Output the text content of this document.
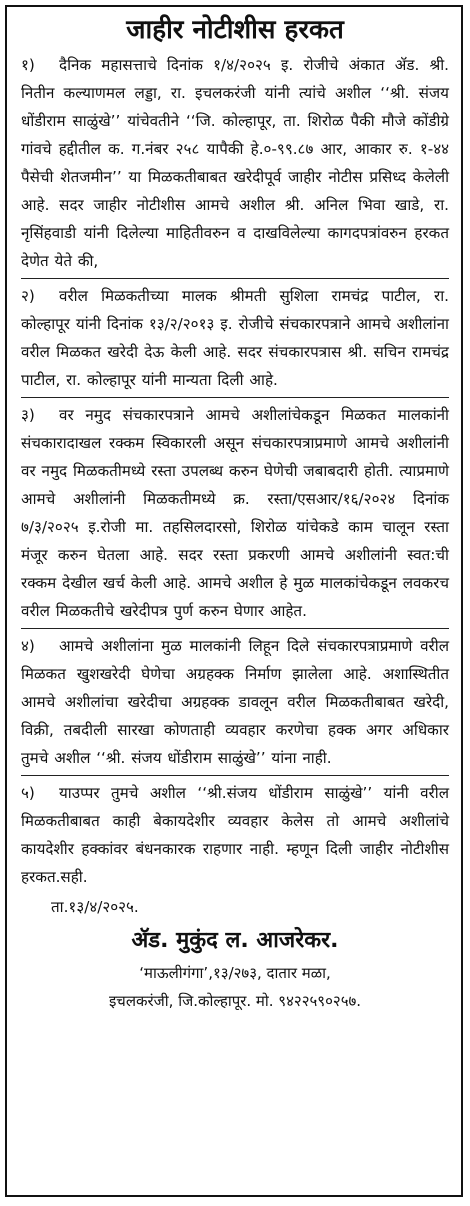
जाहीर नोटीशीस हरकत

१) दैनिक महासत्ताचे दिनांक १/४/२०२५ इ. रोजीचे अंकात ॲड. श्री. नितीन कल्याणमल लड्डा, रा. इचलकरंजी यांनी त्यांचे अशील ‘‘श्री. संजय धोंडीराम साळुंखे’’ यांचेवतीने ‘‘जि. कोल्हापूर, ता. शिरोळ पैकी मौजे कोंडीग्रे गांवचे हद्दीतील क. ग.नंबर २५८ यापैकी हे.०-९९.८७ आर, आकार रु. १-४४ पैसेची शेतजमीन’’ या मिळकतीबाबत खरेदीपूर्व जाहीर नोटीस प्रसिध्द केलेली आहे. सदर जाहीर नोटीशीस आमचे अशील श्री. अनिल भिवा खाडे, रा. नृसिंहवाडी यांनी दिलेल्या माहितीवरुन व दाखविलेल्या कागदपत्रांवरुन हरकत देणेत येते की,

२) वरील मिळकतीच्या मालक श्रीमती सुशिला रामचंद्र पाटील, रा. कोल्हापूर यांनी दिनांक १३/२/२०१३ इ. रोजीचे संचकारपत्राने आमचे अशीलांना वरील मिळकत खरेदी देऊ केली आहे. सदर संचकारपत्रास श्री. सचिन रामचंद्र पाटील, रा. कोल्हापूर यांनी मान्यता दिली आहे.

३) वर नमुद संचकारपत्राने आमचे अशीलांचेकडून मिळकत मालकांनी संचकारादाखल रक्कम स्विकारली असून संचकारपत्राप्रमाणे आमचे अशीलांनी वर नमुद मिळकतीमध्ये रस्ता उपलब्ध करुन घेणेची जबाबदारी होती. त्याप्रमाणे आमचे अशीलांनी मिळकतीमध्ये क्र. रस्ता/एसआर/१६/२०२४ दिनांक ७/३/२०२५ इ.रोजी मा. तहसिलदारसो, शिरोळ यांचेकडे काम चालून रस्ता मंजूर करुन घेतला आहे. सदर रस्ता प्रकरणी आमचे अशीलांनी स्वत:ची रक्कम देखील खर्च केली आहे. आमचे अशील हे मुळ मालकांचेकडून लवकरच वरील मिळकतीचे खरेदीपत्र पुर्ण करुन घेणार आहेत.

४) आमचे अशीलांना मुळ मालकांनी लिहून दिले संचकारपत्राप्रमाणे वरील मिळकत खुशखरेदी घेणेचा अग्रहक्क निर्माण झालेला आहे. अशास्थितीत आमचे अशीलांचा खरेदीचा अग्रहक्क डावलून वरील मिळकतीबाबत खरेदी, विक्री, तबदीली सारखा कोणताही व्यवहार करणेचा हक्क अगर अधिकार तुमचे अशील ‘‘श्री. संजय धोंडीराम साळुंखे’’ यांना नाही.

५) याउप्पर तुमचे अशील ‘‘श्री.संजय धोंडीराम साळुंखे’’ यांनी वरील मिळकतीबाबत काही बेकायदेशीर व्यवहार केलेस तो आमचे अशीलांचे कायदेशीर हक्कांवर बंधनकारक राहणार नाही. म्हणून दिली जाहीर नोटीशीस हरकत.सही.

ता.१३/४/२०२५.
ॲड. मुकुंद ल. आजरेकर.
‘माऊलीगंगा’,१३/२७३, दातार मळा,
इचलकरंजी, जि.कोल्हापूर. मो. ९४२२५९०२५७.
